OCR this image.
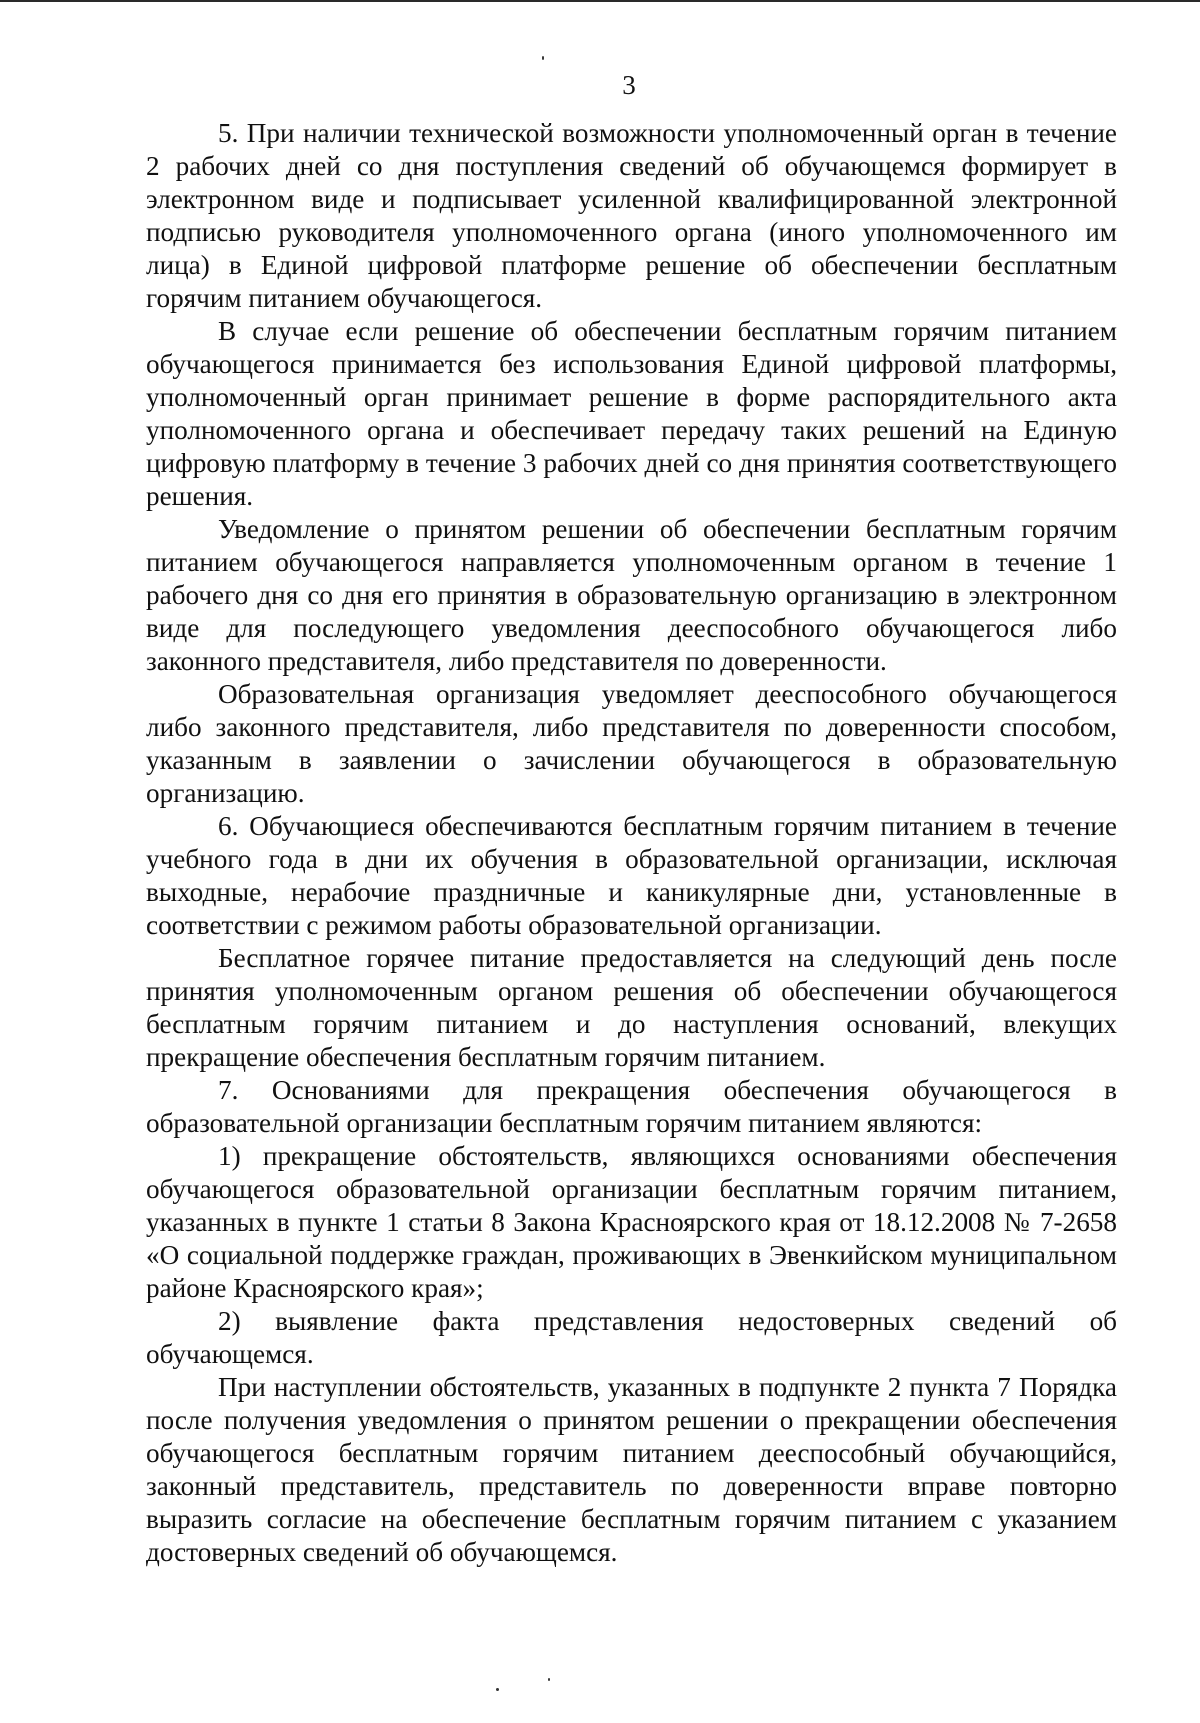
3

5. При наличии технической возможности уполномоченный орган в течение 2 рабочих дней со дня поступления сведений об обучающемся формирует в электронном виде и подписывает усиленной квалифицированной электронной подписью руководителя уполномоченного органа (иного уполномоченного им лица) в Единой цифровой платформе решение об обеспечении бесплатным горячим питанием обучающегося.

В случае если решение об обеспечении бесплатным горячим питанием обучающегося принимается без использования Единой цифровой платформы, уполномоченный орган принимает решение в форме распорядительного акта уполномоченного органа и обеспечивает передачу таких решений на Единую цифровую платформу в течение 3 рабочих дней со дня принятия соответствующего решения.

Уведомление о принятом решении об обеспечении бесплатным горячим питанием обучающегося направляется уполномоченным органом в течение 1 рабочего дня со дня его принятия в образовательную организацию в электронном виде для последующего уведомления дееспособного обучающегося либо законного представителя, либо представителя по доверенности.

Образовательная организация уведомляет дееспособного обучающегося либо законного представителя, либо представителя по доверенности способом, указанным в заявлении о зачислении обучающегося в образовательную организацию.

6. Обучающиеся обеспечиваются бесплатным горячим питанием в течение учебного года в дни их обучения в образовательной организации, исключая выходные, нерабочие праздничные и каникулярные дни, установленные в соответствии с режимом работы образовательной организации.

Бесплатное горячее питание предоставляется на следующий день после принятия уполномоченным органом решения об обеспечении обучающегося бесплатным горячим питанием и до наступления оснований, влекущих прекращение обеспечения бесплатным горячим питанием.

7. Основаниями для прекращения обеспечения обучающегося в образовательной организации бесплатным горячим питанием являются:

1) прекращение обстоятельств, являющихся основаниями обеспечения обучающегося образовательной организации бесплатным горячим питанием, указанных в пункте 1 статьи 8 Закона Красноярского края от 18.12.2008 № 7-2658 «О социальной поддержке граждан, проживающих в Эвенкийском муниципальном районе Красноярского края»;

2) выявление факта представления недостоверных сведений об обучающемся.

При наступлении обстоятельств, указанных в подпункте 2 пункта 7 Порядка после получения уведомления о принятом решении о прекращении обеспечения обучающегося бесплатным горячим питанием дееспособный обучающийся, законный представитель, представитель по доверенности вправе повторно выразить согласие на обеспечение бесплатным горячим питанием с указанием достоверных сведений об обучающемся.
